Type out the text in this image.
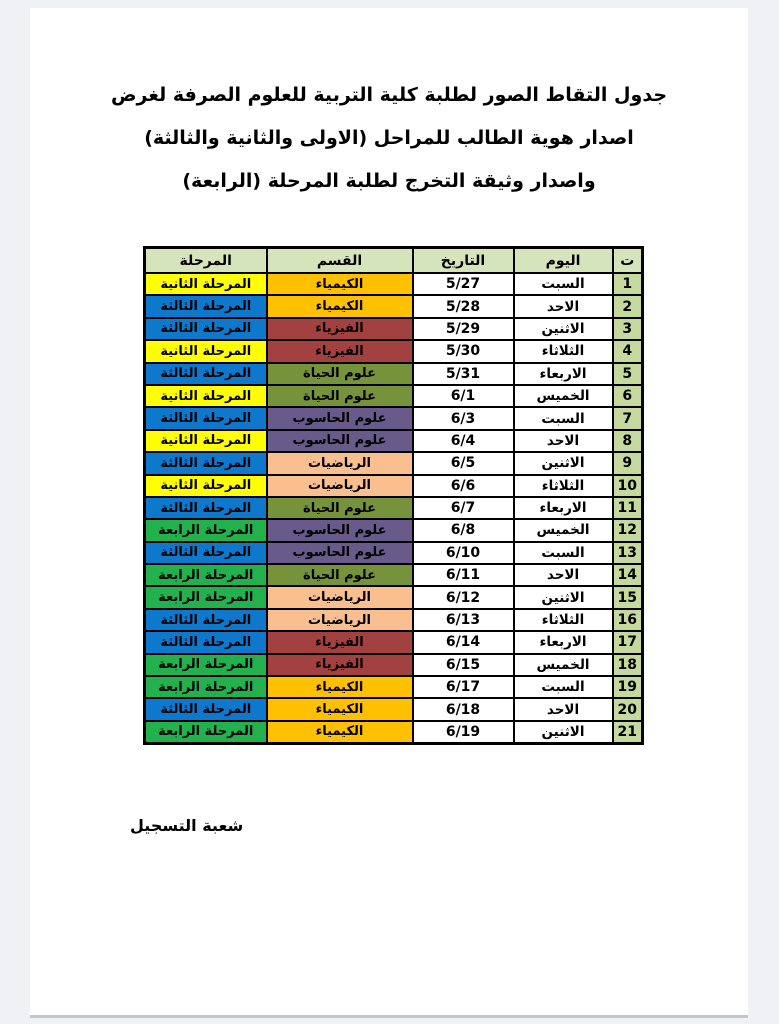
جدول التقاط الصور لطلبة كلية التربية للعلوم الصرفة لغرض
اصدار هوية الطالب للمراحل (الاولى والثانية والثالثة)
واصدار وثيقة التخرج لطلبة المرحلة (الرابعة)
ت	اليوم	التاريخ	القسم	المرحلة
1	السبت	5/27	الكيمياء	المرحلة الثانية
2	الاحد	5/28	الكيمياء	المرحلة الثالثة
3	الاثنين	5/29	الفيزياء	المرحلة الثالثة
4	الثلاثاء	5/30	الفيزياء	المرحلة الثانية
5	الاربعاء	5/31	علوم الحياة	المرحلة الثالثة
6	الخميس	6/1	علوم الحياة	المرحلة الثانية
7	السبت	6/3	علوم الحاسوب	المرحلة الثالثة
8	الاحد	6/4	علوم الحاسوب	المرحلة الثانية
9	الاثنين	6/5	الرياضيات	المرحلة الثالثة
10	الثلاثاء	6/6	الرياضيات	المرحلة الثانية
11	الاربعاء	6/7	علوم الحياة	المرحلة الثالثة
12	الخميس	6/8	علوم الحاسوب	المرحلة الرابعة
13	السبت	6/10	علوم الحاسوب	المرحلة الثالثة
14	الاحد	6/11	علوم الحياة	المرحلة الرابعة
15	الاثنين	6/12	الرياضيات	المرحلة الرابعة
16	الثلاثاء	6/13	الرياضيات	المرحلة الثالثة
17	الاربعاء	6/14	الفيزياء	المرحلة الثالثة
18	الخميس	6/15	الفيزياء	المرحلة الرابعة
19	السبت	6/17	الكيمياء	المرحلة الرابعة
20	الاحد	6/18	الكيمياء	المرحلة الثالثة
21	الاثنين	6/19	الكيمياء	المرحلة الرابعة
شعبة التسجيل
